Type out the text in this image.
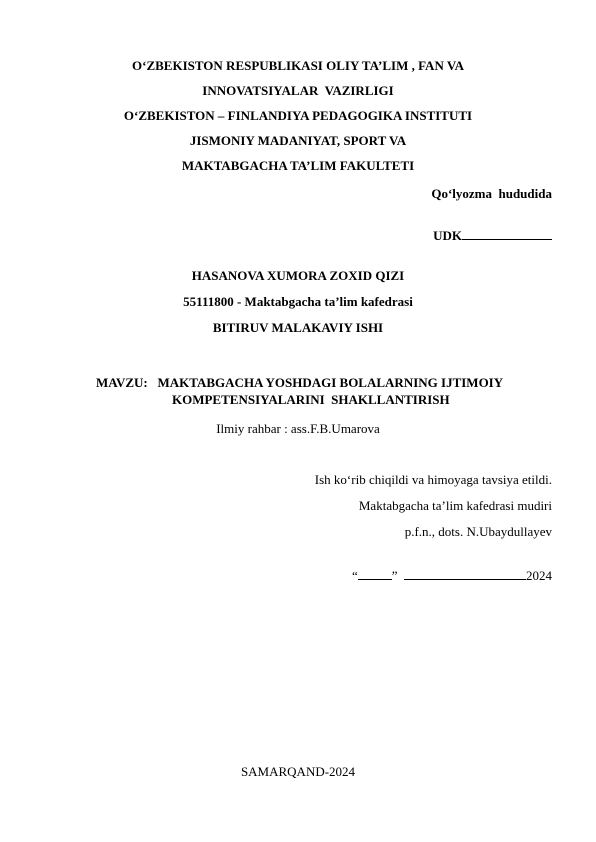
O‘ZBEKISTON RESPUBLIKASI OLIY TA’LIM , FAN VA
INNOVATSIYALAR  VAZIRLIGI
O‘ZBEKISTON – FINLANDIYA PEDAGOGIKA INSTITUTI
JISMONIY MADANIYAT, SPORT VA
MAKTABGACHA TA’LIM FAKULTETI
Qo‘lyozma  hududida

UDK

HASANOVA XUMORA ZOXID QIZI
55111800 - Maktabgacha ta’lim kafedrasi
BITIRUV MALAKAVIY ISHI
MAVZU: MAKTABGACHA YOSHDAGI BOLALARNING IJTIMOIY
KOMPETENSIYALARINI  SHAKLLANTIRISH
Ilmiy rahbar : ass.F.B.Umarova
Ish ko‘rib chiqildi va himoyaga tavsiya etildi.
Maktabgacha ta’lim kafedrasi mudiri
p.f.n., dots. N.Ubaydullayev

“	”	2024

SAMARQAND-2024
